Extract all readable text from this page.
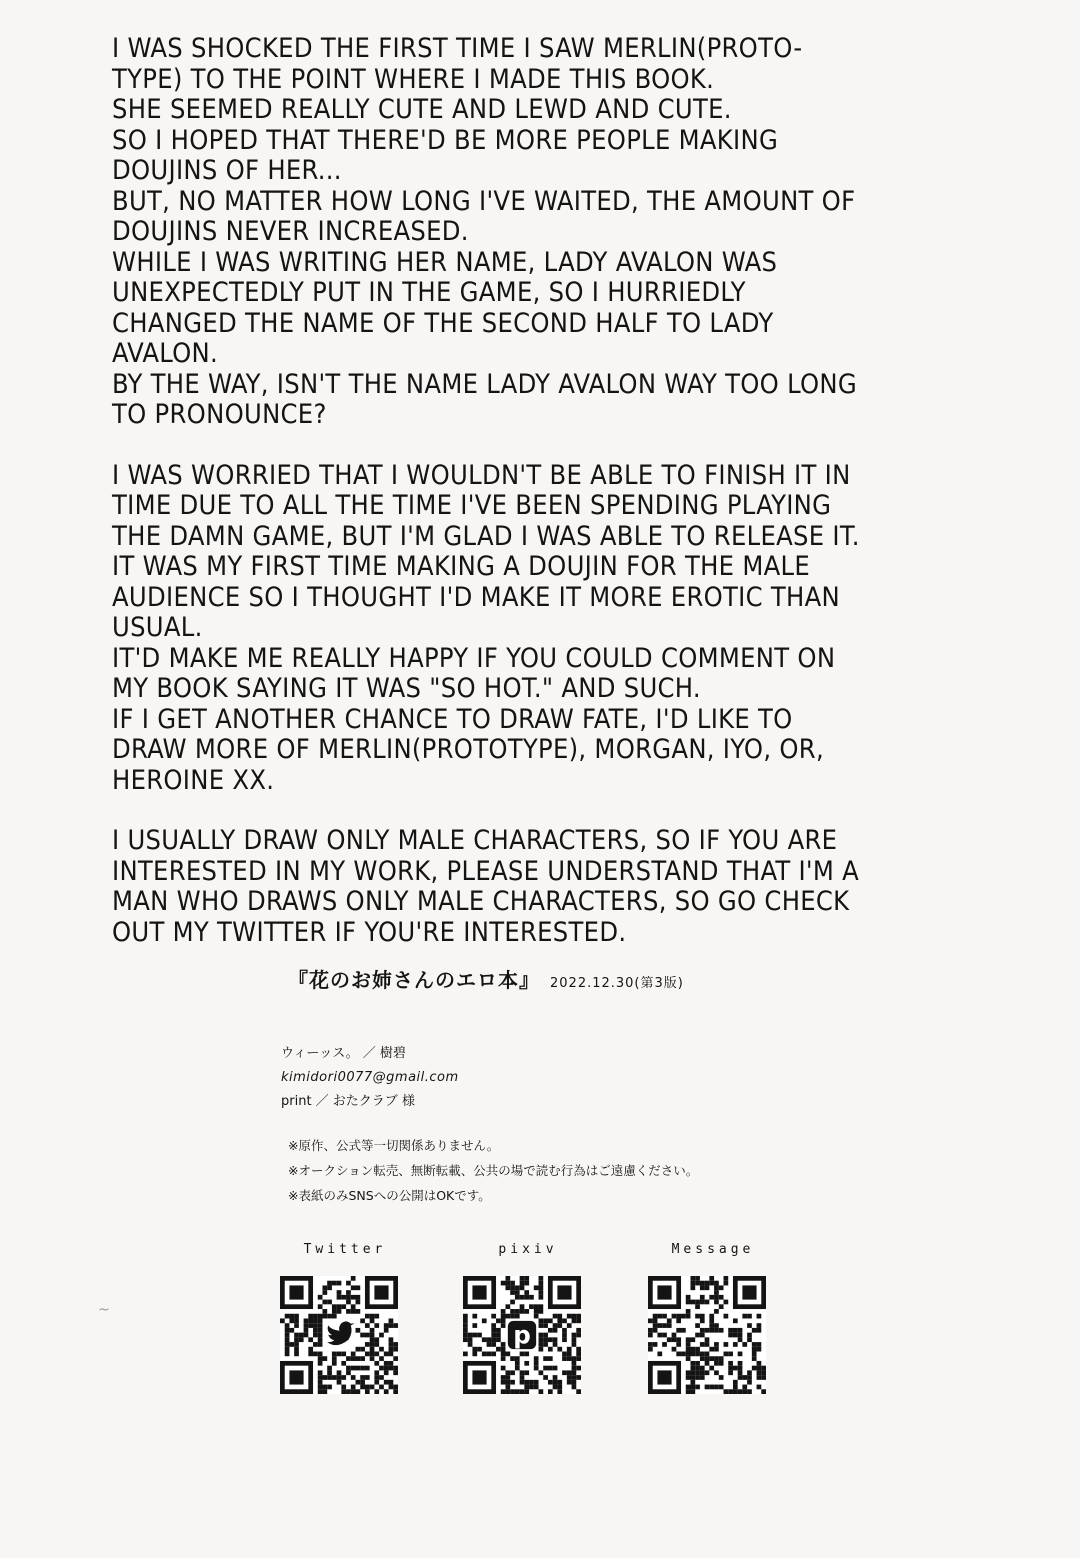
I WAS SHOCKED THE FIRST TIME I SAW MERLIN(PROTO-
TYPE) TO THE POINT WHERE I MADE THIS BOOK.
SHE SEEMED REALLY CUTE AND LEWD AND CUTE.
SO I HOPED THAT THERE'D BE MORE PEOPLE MAKING
DOUJINS OF HER...
BUT, NO MATTER HOW LONG I'VE WAITED, THE AMOUNT OF
DOUJINS NEVER INCREASED.
WHILE I WAS WRITING HER NAME, LADY AVALON WAS
UNEXPECTEDLY PUT IN THE GAME, SO I HURRIEDLY
CHANGED THE NAME OF THE SECOND HALF TO LADY
AVALON.
BY THE WAY, ISN'T THE NAME LADY AVALON WAY TOO LONG
TO PRONOUNCE?
I WAS WORRIED THAT I WOULDN'T BE ABLE TO FINISH IT IN
TIME DUE TO ALL THE TIME I'VE BEEN SPENDING PLAYING
THE DAMN GAME, BUT I'M GLAD I WAS ABLE TO RELEASE IT.
IT WAS MY FIRST TIME MAKING A DOUJIN FOR THE MALE
AUDIENCE SO I THOUGHT I'D MAKE IT MORE EROTIC THAN
USUAL.
IT'D MAKE ME REALLY HAPPY IF YOU COULD COMMENT ON
MY BOOK SAYING IT WAS "SO HOT." AND SUCH.
IF I GET ANOTHER CHANCE TO DRAW FATE, I'D LIKE TO
DRAW MORE OF MERLIN(PROTOTYPE), MORGAN, IYO, OR,
HEROINE XX.
I USUALLY DRAW ONLY MALE CHARACTERS, SO IF YOU ARE
INTERESTED IN MY WORK, PLEASE UNDERSTAND THAT I'M A
MAN WHO DRAWS ONLY MALE CHARACTERS, SO GO CHECK
OUT MY TWITTER IF YOU'RE INTERESTED.
『花のお姉さんのエロ本』 2022.12.30(第3版)
ウィーッス。 ／ 樹碧
kimidori0077@gmail.com
print ／ おたクラブ 様
※原作、公式等一切関係ありません。
※オークション転売、無断転載、公共の場で読む行為はご遠慮ください。
※表紙のみSNSへの公開はOKです。
Twitter	pixiv
p
Message
~
